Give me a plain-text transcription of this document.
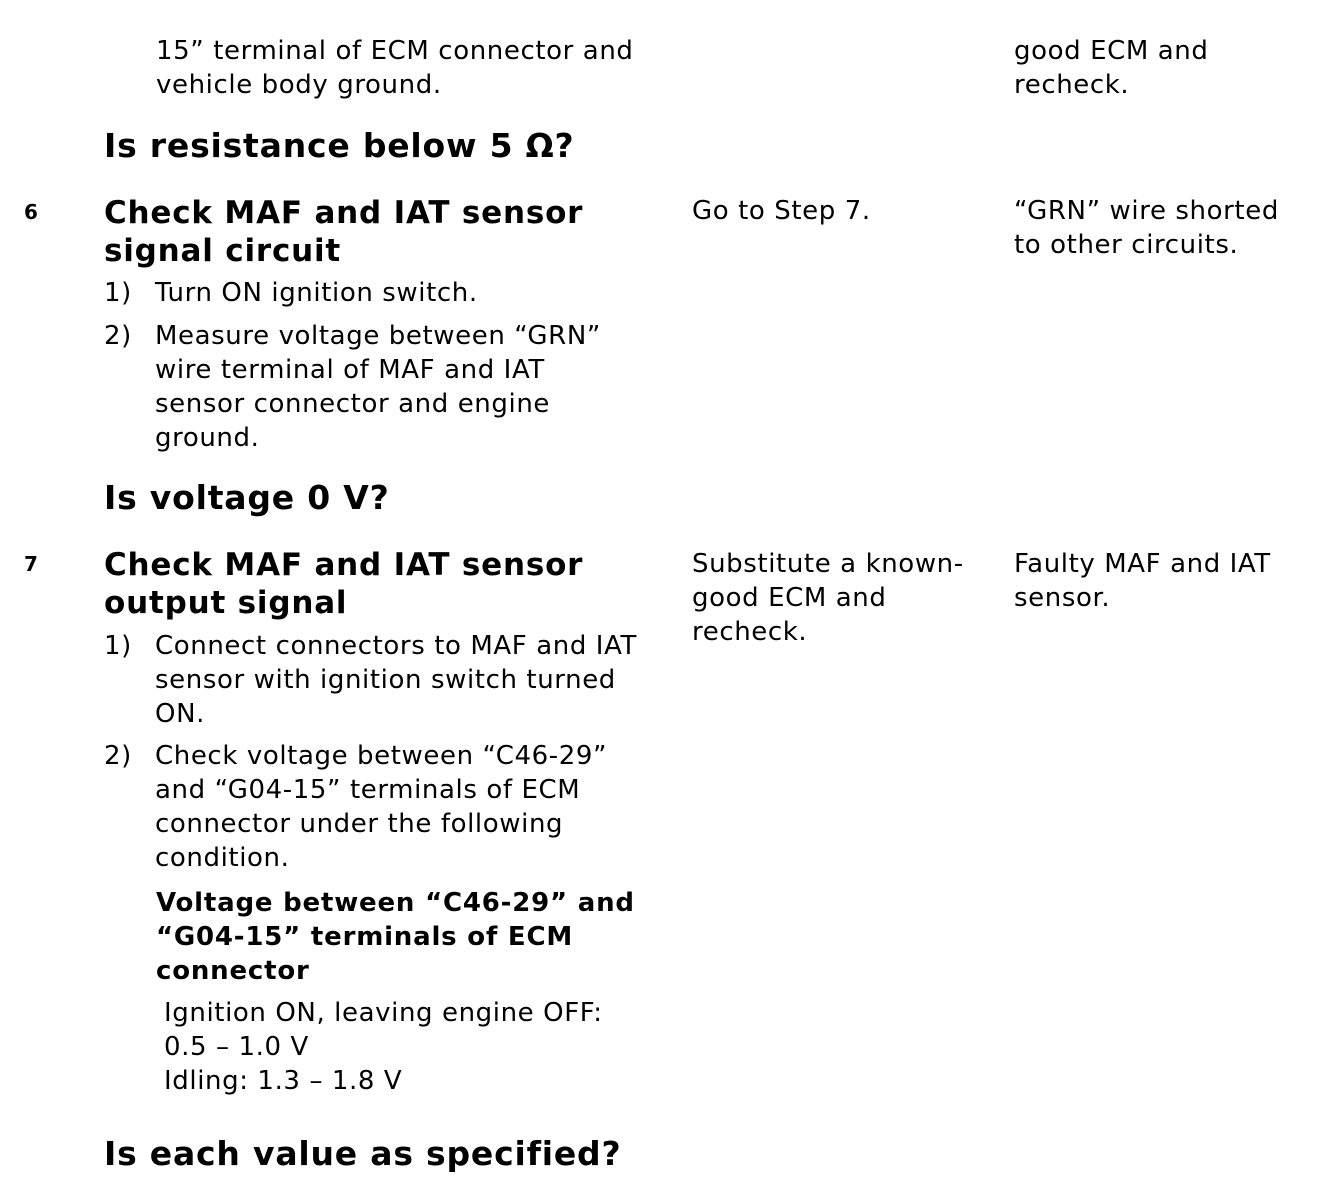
15” terminal of ECM connector and
vehicle body ground.
good ECM and
recheck.
Is resistance below 5 Ω?
6 Check MAF and IAT sensor
signal circuit
1) Turn ON ignition switch.
2) Measure voltage between “GRN”
wire terminal of MAF and IAT
sensor connector and engine
ground.
Is voltage 0 V?
Go to Step 7.	“GRN” wire shorted
to other circuits.
7 Check MAF and IAT sensor
output signal
1) Connect connectors to MAF and IAT
sensor with ignition switch turned
ON.
2) Check voltage between “C46-29”
and “G04-15” terminals of ECM
connector under the following
condition.
Voltage between “C46-29” and
“G04-15” terminals of ECM
connector
Ignition ON, leaving engine OFF:
0.5 – 1.0 V
Idling: 1.3 – 1.8 V
Is each value as specified?
Substitute a known-
good ECM and
recheck.
Faulty MAF and IAT
sensor.
